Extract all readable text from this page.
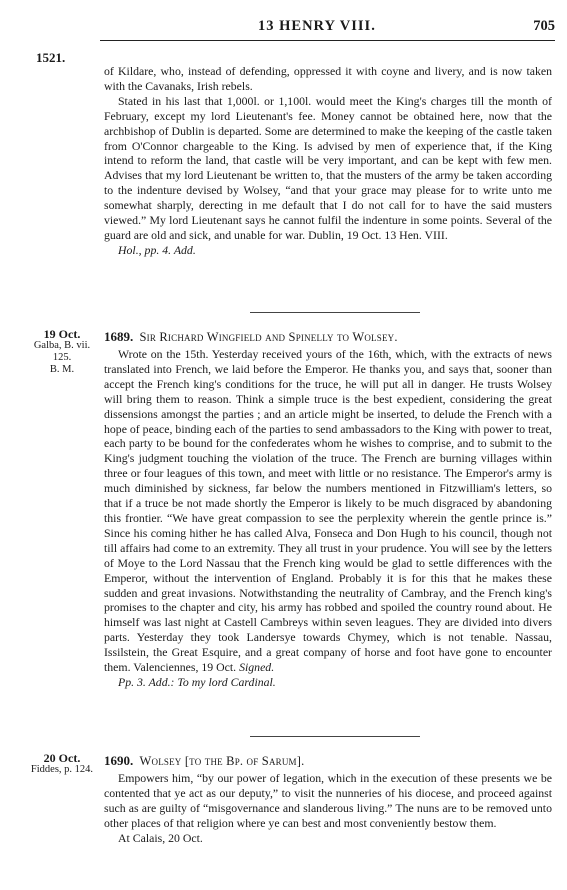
13 HENRY VIII.	705
1521.

of Kildare, who, instead of defending, oppressed it with coyne and livery, and is now taken with the Cavanaks, Irish rebels.

Stated in his last that 1,000l. or 1,100l. would meet the King's charges till the month of February, except my lord Lieutenant's fee. Money cannot be obtained here, now that the archbishop of Dublin is departed. Some are determined to make the keeping of the castle taken from O'Connor chargeable to the King. Is advised by men of experience that, if the King intend to reform the land, that castle will be very important, and can be kept with few men. Advises that my lord Lieutenant be written to, that the musters of the army be taken according to the indenture devised by Wolsey, “and that your grace may please for to write unto me somewhat sharply, derecting in me default that I do not call for to have the said musters viewed.” My lord Lieutenant says he cannot fulfil the indenture in some points. Several of the guard are old and sick, and unable for war. Dublin, 19 Oct. 13 Hen. VIII.

Hol., pp. 4. Add.

19 Oct.
Galba, B. vii.
125.
B. M.
1689. Sir Richard Wingfield and Spinelly to Wolsey.

Wrote on the 15th. Yesterday received yours of the 16th, which, with the extracts of news translated into French, we laid before the Emperor. He thanks you, and says that, sooner than accept the French king's conditions for the truce, he will put all in danger. He trusts Wolsey will bring them to reason. Think a simple truce is the best expedient, considering the great dissensions amongst the parties ; and an article might be inserted, to delude the French with a hope of peace, binding each of the parties to send ambassadors to the King with power to treat, each party to be bound for the confederates whom he wishes to comprise, and to submit to the King's judgment touching the violation of the truce. The French are burning villages within three or four leagues of this town, and meet with little or no resistance. The Emperor's army is much diminished by sickness, far below the numbers mentioned in Fitzwilliam's letters, so that if a truce be not made shortly the Emperor is likely to be much disgraced by abandoning this frontier. “We have great compassion to see the perplexity wherein the gentle prince is.” Since his coming hither he has called Alva, Fonseca and Don Hugh to his council, though not till affairs had come to an extremity. They all trust in your prudence. You will see by the letters of Moye to the Lord Nassau that the French king would be glad to settle differences with the Emperor, without the intervention of England. Probably it is for this that he makes these sudden and great invasions. Notwithstanding the neutrality of Cambray, and the French king's promises to the chapter and city, his army has robbed and spoiled the country round about. He himself was last night at Castell Cambreys within seven leagues. They are divided into divers parts. Yesterday they took Landersye towards Chymey, which is not tenable. Nassau, Issilstein, the Great Esquire, and a great company of horse and foot have gone to encounter them. Valenciennes, 19 Oct. Signed.

Pp. 3. Add.: To my lord Cardinal.

20 Oct.
Fiddes, p. 124.
1690. Wolsey [to the Bp. of Sarum].

Empowers him, “by our power of legation, which in the execution of these presents we be contented that ye act as our deputy,” to visit the nunneries of his diocese, and proceed against such as are guilty of “misgovernance and slanderous living.” The nuns are to be removed unto other places of that religion where ye can best and most conveniently bestow them.

At Calais, 20 Oct.
